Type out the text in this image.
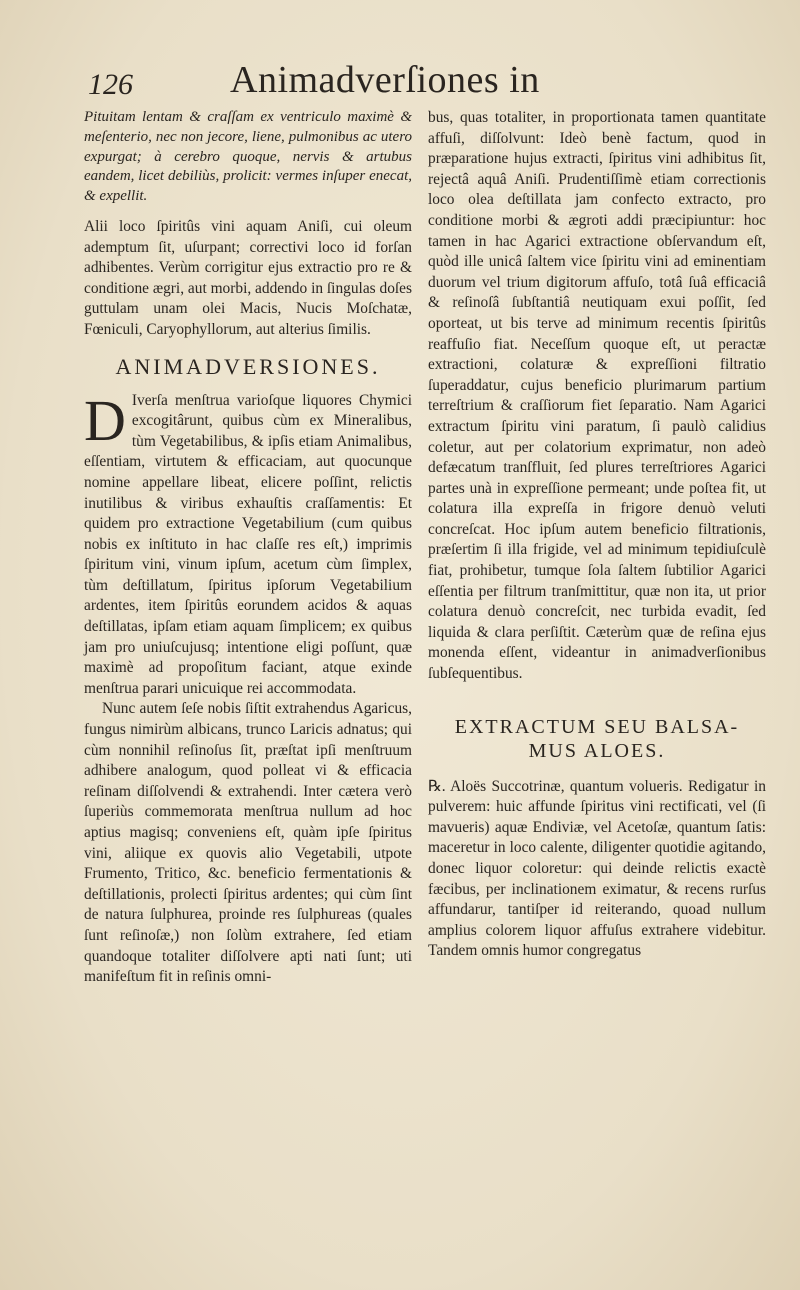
126	Animadverſiones in

Pituitam lentam & craſſam ex ventriculo maximè & meſenterio, nec non jecore, lienе, pulmonibus ac utero expurgat; à cerebro quoque, nervis & artubus eandem, licet debiliùs, prolicit: vermes inſuper enecat, & expellit.

Alii loco ſpiritûs vini aquam Aniſi, cui oleum ademptum ſit, uſurpant; correctivi loco id forſan adhibentes. Verùm corrigitur ejus extractio pro re & conditione ægri, aut morbi, addendo in ſingulas doſes guttulam unam olei Macis, Nucis Moſchatæ, Fœniculi, Caryophyllorum, aut alterius ſimilis.

ANIMADVERSIONES.

D Iverſa menſtrua varioſque liquores Chymici excogitârunt, quibus cùm ex Mineralibus, tùm Vegetabilibus, & ipſis etiam Animalibus, eſſentiam, virtutem & efficaciam, aut quocunque nomine appellare libeat, elicere poſſint, relictis inutilibus & viribus exhauſtis craſſamentis: Et quidem pro extractione Vegetabilium (cum quibus nobis ex inſtituto in hac claſſe res eſt,) imprimis ſpiritum vini, vinum ipſum, acetum cùm ſimplex, tùm deſtillatum, ſpiritus ipſorum Vegetabilium ardentes, item ſpiritûs eorundem acidos & aquas deſtillatas, ipſam etiam aquam ſimplicem; ex quibus jam pro uniuſcujusq; intentione eligi poſſunt, quæ maximè ad propoſitum faciant, atque exinde menſtrua parari unicuique rei accommodata.

Nunc autem ſeſe nobis ſiſtit extrahendus Agaricus, fungus nimirùm albicans, trunco Laricis adnatus; qui cùm nonnihil reſinoſus ſit, præſtat ipſi menſtruum adhibere analogum, quod polleat vi & efficacia reſinam diſſolvendi & extrahendi. Inter cætera verò ſuperiùs commemorata menſtrua nullum ad hoc aptius magisq; conveniens eſt, quàm ipſe ſpiritus vini, aliique ex quovis alio Vegetabili, utpote Frumento, Tritico, &c. beneficio fermentationis & deſtillationis, prolecti ſpiritus ardentes; qui cùm ſint de natura ſulphurea, proinde res ſulphureas (quales ſunt reſinoſæ,) non ſolùm extrahere, ſed etiam quandoque totaliter diſſolvere apti nati ſunt; uti manifeſtum fit in reſinis omni-

bus, quas totaliter, in proportionata tamen quantitate affuſi, diſſolvunt: Ideò benè factum, quod in præparatione hujus extracti, ſpiritus vini adhibitus ſit, rejectâ aquâ Aniſi. Prudentiſſimè etiam correctionis loco olea deſtillata jam confecto extracto, pro conditione morbi & ægroti addi præcipiuntur: hoc tamen in hac Agarici extractione obſervandum eſt, quòd ille unicâ ſaltem vice ſpiritu vini ad eminentiam duorum vel trium digitorum affuſo, totâ ſuâ efficaciâ & reſinoſâ ſubſtantiâ neutiquam exui poſſit, ſed oporteat, ut bis terve ad minimum recentis ſpiritûs reaffuſio fiat. Neceſſum quoque eſt, ut peractæ extractioni, colaturæ & expreſſioni filtratio ſuperaddatur, cujus beneficio plurimarum partium terreſtrium & craſſiorum fiet ſeparatio. Nam Agarici extractum ſpiritu vini paratum, ſi paulò calidius coletur, aut per colatorium exprimatur, non adeò defæcatum tranſfluit, ſed plures terreſtriores Agarici partes unà in expreſſione permeant; unde poſtea fit, ut colatura illa expreſſa in frigore denuò veluti concreſcat. Hoc ipſum autem beneficio filtrationis, præſertim ſi illa frigide, vel ad minimum tepidiuſculè fiat, prohibetur, tumque ſola ſaltem ſubtilior Agarici eſſentia per filtrum tranſmittitur, quæ non ita, ut prior colatura denuò concreſcit, nec turbida evadit, ſed liquida & clara perſiſtit. Cæterùm quæ de reſina ejus monenda eſſent, videantur in animadverſionibus ſubſequentibus.

EXTRACTUM SEU BALSA-
MUS ALOES.

℞. Aloës Succotrinæ, quantum volueris. Redigatur in pulverem: huic affunde ſpiritus vini rectificati, vel (ſi mavueris) aquæ Endiviæ, vel Acetoſæ, quantum ſatis: maceretur in loco calente, diligenter quotidie agitando, donec liquor coloretur: qui deinde relictis exactè fæcibus, per inclinationem eximatur, & recens rurſus affundarur, tantiſper id reiterando, quoad nullum amplius colorem liquor affuſus extrahere videbitur. Tandem omnis humor congregatus
